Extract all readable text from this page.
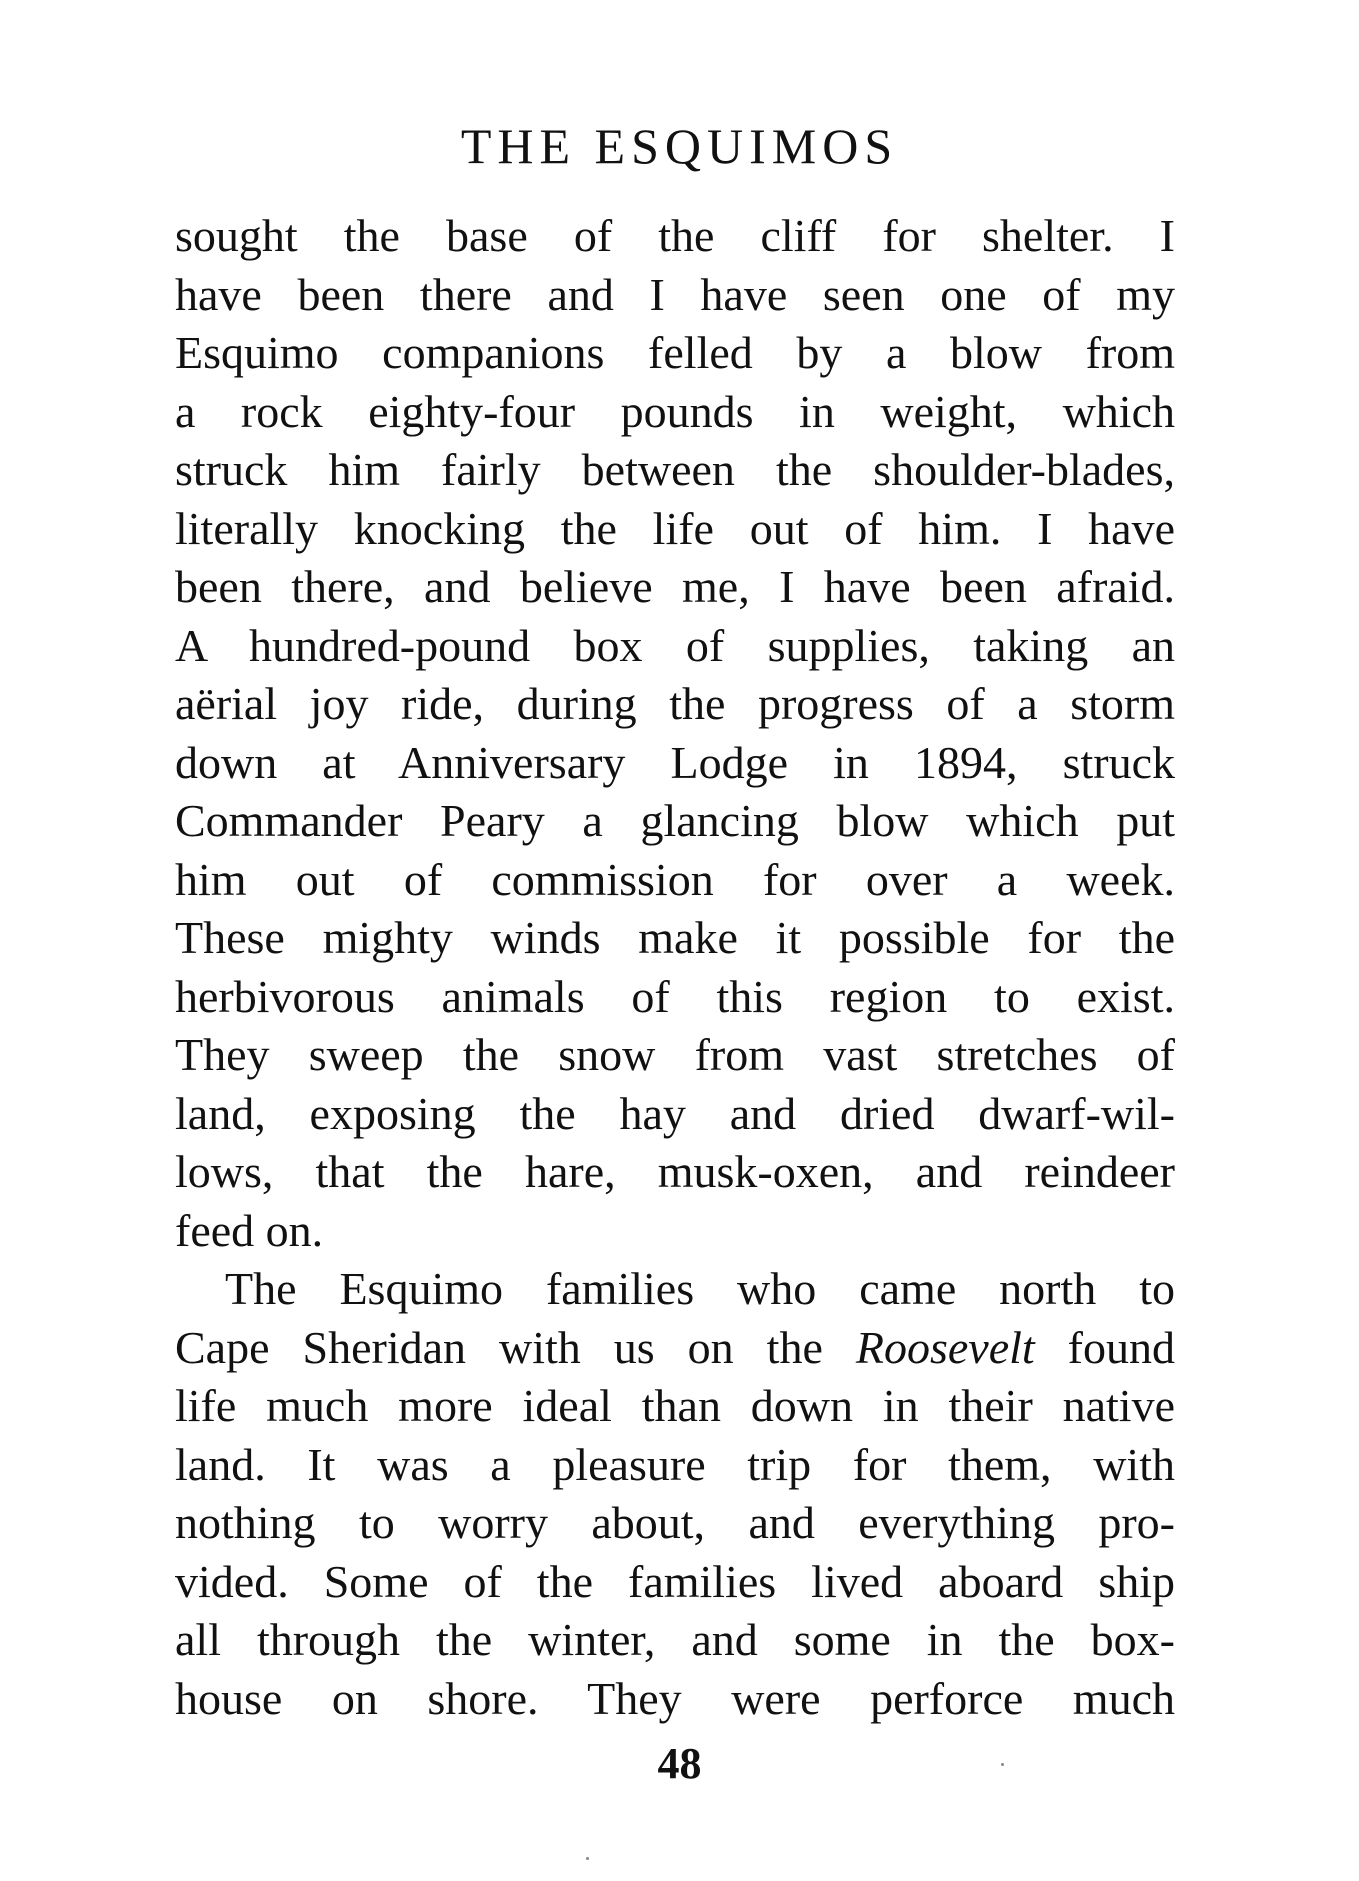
THE ESQUIMOS
sought the base of the cliff for shelter. I
have been there and I have seen one of my
Esquimo companions felled by a blow from
a rock eighty-four pounds in weight, which
struck him fairly between the shoulder-blades,
literally knocking the life out of him. I have
been there, and believe me, I have been afraid.
A hundred-pound box of supplies, taking an
aërial joy ride, during the progress of a storm
down at Anniversary Lodge in 1894, struck
Commander Peary a glancing blow which put
him out of commission for over a week.
These mighty winds make it possible for the
herbivorous animals of this region to exist.
They sweep the snow from vast stretches of
land, exposing the hay and dried dwarf-wil-
lows, that the hare, musk-oxen, and reindeer
feed on.
The Esquimo families who came north to
Cape Sheridan with us on the Roosevelt found
life much more ideal than down in their native
land. It was a pleasure trip for them, with
nothing to worry about, and everything pro-
vided. Some of the families lived aboard ship
all through the winter, and some in the box-
house on shore. They were perforce much
48
